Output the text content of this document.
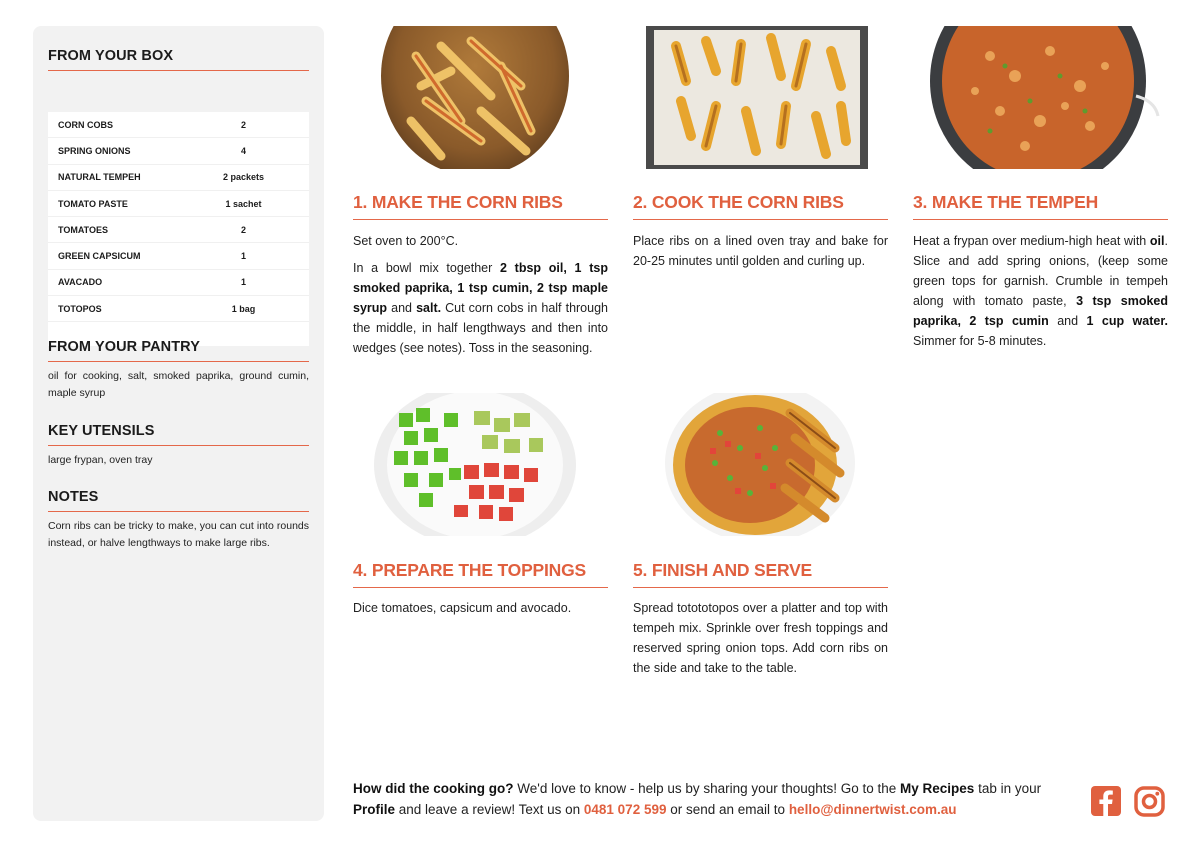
FROM YOUR BOX
CORN COBS	2
SPRING ONIONS	4
NATURAL TEMPEH	2 packets
TOMATO PASTE	1 sachet
TOMATOES	2
GREEN CAPSICUM	1
AVACADO	1
TOTOPOS	1 bag
FROM YOUR PANTRY
oil for cooking, salt, smoked paprika, ground cumin, maple syrup
KEY UTENSILS
large frypan, oven tray
NOTES
Corn ribs can be tricky to make, you can cut into rounds instead, or halve lengthways to make large ribs.
1. MAKE THE CORN RIBS

Set oven to 200°C.

In a bowl mix together 2 tbsp oil, 1 tsp smoked paprika, 1 tsp cumin, 2 tsp maple syrup and salt. Cut corn cobs in half through the middle, in half lengthways and then into wedges (see notes). Toss in the seasoning.

2. COOK THE CORN RIBS

Place ribs on a lined oven tray and bake for 20-25 minutes until golden and curling up.

3. MAKE THE TEMPEH

Heat a frypan over medium-high heat with oil. Slice and add spring onions, (keep some green tops for garnish. Crumble in tempeh along with tomato paste, 3 tsp smoked paprika, 2 tsp cumin and 1 cup water. Simmer for 5-8 minutes.

4. PREPARE THE TOPPINGS

Dice tomatoes, capsicum and avocado.

5. FINISH AND SERVE

Spread totototopos over a platter and top with tempeh mix. Sprinkle over fresh toppings and reserved spring onion tops. Add corn ribs on the side and take to the table.

How did the cooking go? We'd love to know - help us by sharing your thoughts! Go to the My Recipes tab in your Profile and leave a review! Text us on 0481 072 599 or send an email to hello@dinnertwist.com.au
